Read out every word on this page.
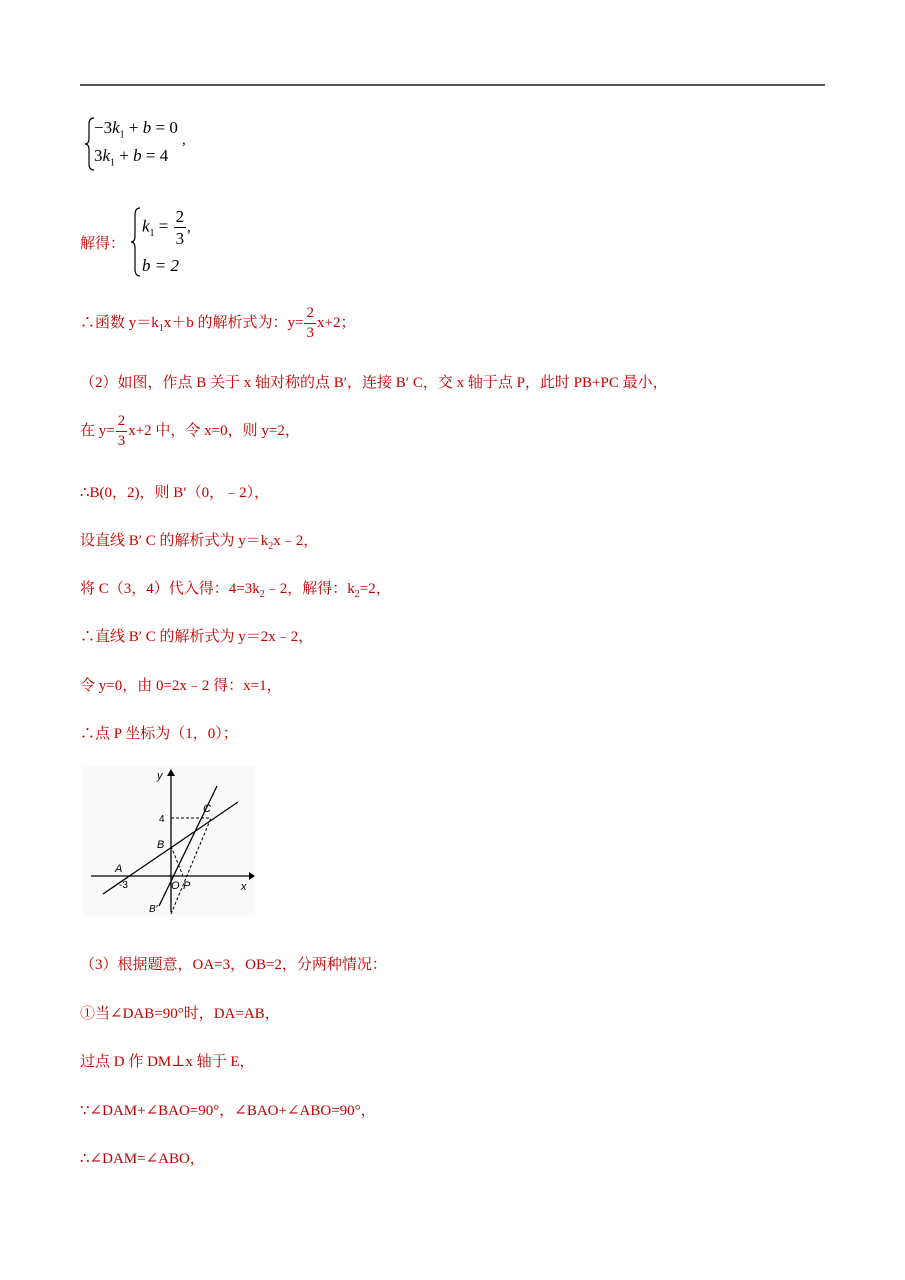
$-3k_1 + b = 0$
$3k_1 + b = 4$
,
解得：
$k_1 = \frac{2}{3}$ ,
b = 2
∴函数 $y=k_1x+b$ 的解析式为：$y= \frac{2}{3} x+2$；
（2）如图，作点 B 关于 x 轴对称的点 B′，连接 B′ C，交 x 轴于点 P，此时 PB+PC 最小，
在 $y= \frac{2}{3} x+2$ 中，令 x=0，则 y=2，
∴B(0，2)，则 B′（0，﹣2），
设直线 B′ C 的解析式为 $y=k_2x﹣2$，
将 C（3，4）代入得：$4=3k_2﹣2$，解得：$k_2=2$，
∴直线 B′ C 的解析式为 y＝2x﹣2，
令 y=0，由 0=2x﹣2 得：x=1，
∴点 P 坐标为（1，0）；
y
x
4
-3
A
B
C
O P
B′
（3）根据题意，OA=3，OB=2，分两种情况：
①当∠DAB=90°时，DA=AB，
过点 D 作 DM⊥x 轴于 E，
∵∠DAM+∠BAO=90°，∠BAO+∠ABO=90°，
∴∠DAM=∠ABO，
